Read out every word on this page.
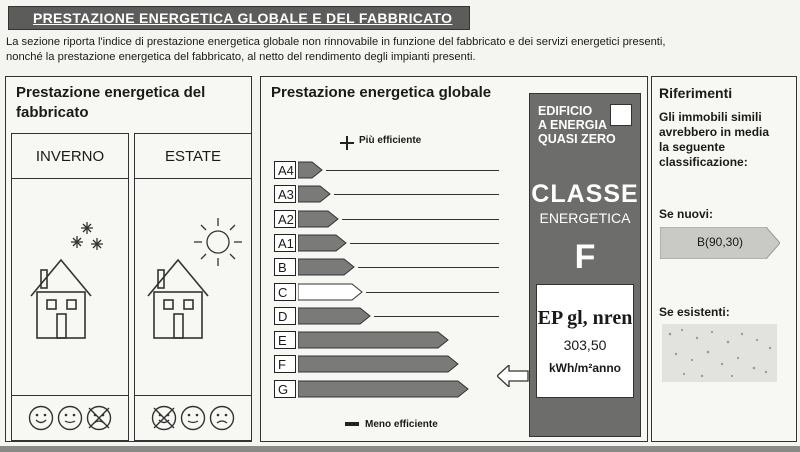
PRESTAZIONE ENERGETICA GLOBALE E DEL FABBRICATO
La sezione riporta l'indice di prestazione energetica globale non rinnovabile in funzione del fabbricato e dei servizi energetici presenti,
nonché la prestazione energetica del fabbricato, al netto del rendimento degli impianti presenti.
Prestazione energetica del
fabbricato
INVERNO	ESTATE
Prestazione energetica globale
Più efficiente
A4
A3
A2
A1
B
C
D
E
F
G
Meno efficiente
EDIFICIO
A ENERGIA
QUASI ZERO
CLASSE
ENERGETICA
F
EP gl, nren
303,50
kWh/m²anno
Riferimenti
Gli immobili simili
avrebbero in media
la seguente
classificazione:
Se nuovi:
B(90,30)
Se esistenti:
